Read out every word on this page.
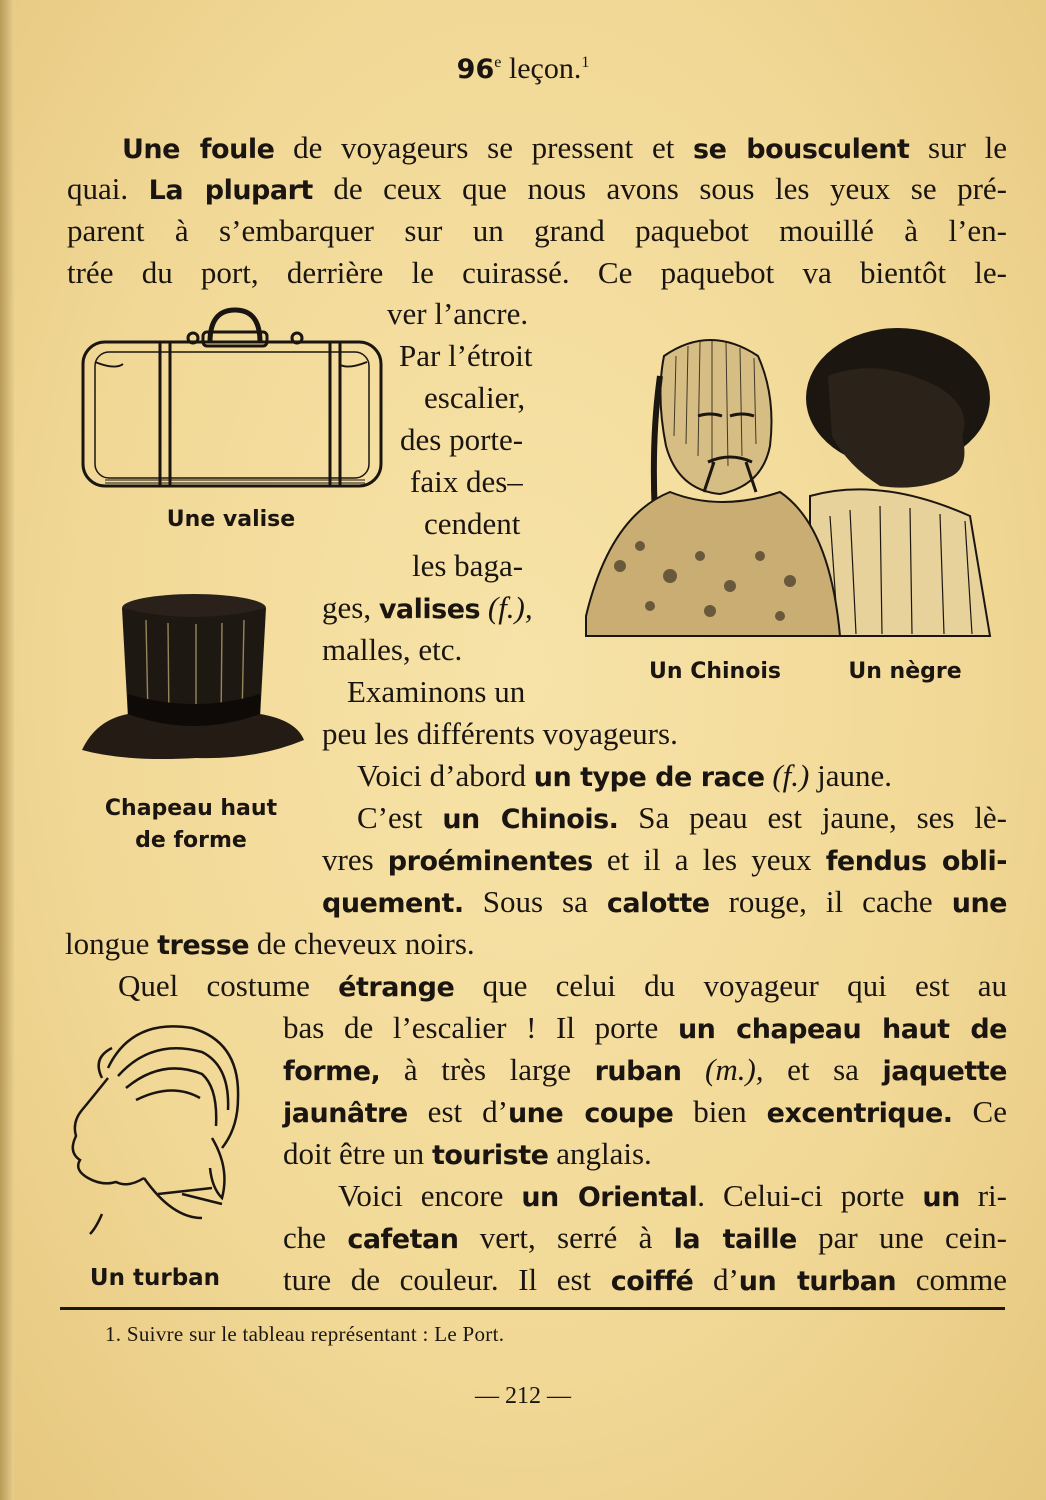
96e leçon.$^1$
Une foule de voyageurs se pressent et se bousculent sur le
quai. La plupart de ceux que nous avons sous les yeux se pré-
parent à s’embarquer sur un grand paquebot mouillé à l’en-
trée du port, derrière le cuirassé. Ce paquebot va bientôt le-
ver l’ancre.
Par l’étroit
escalier,
des porte-
faix des–
cendent
les baga-
ges, valises (f.),
malles, etc.
Examinons un
peu les différents voyageurs.
Voici d’abord un type de race (f.) jaune.
C’est un Chinois. Sa peau est jaune, ses lè-
vres proéminentes et il a les yeux fendus obli-
quement. Sous sa calotte rouge, il cache une
longue tresse de cheveux noirs.
Quel costume étrange que celui du voyageur qui est au
bas de l’escalier ! Il porte un chapeau haut de
forme, à très large ruban (m.), et sa jaquette
jaunâtre est d’une coupe bien excentrique. Ce
doit être un touriste anglais.
Voici encore un Oriental. Celui-ci porte un ri-
che cafetan vert, serré à la taille par une cein-
ture de couleur. Il est coiffé d’un turban comme
Une valise
Chapeau haut
de forme
Un Chinois	Un nègre
Un turban
1. Suivre sur le tableau représentant : Le Port.
— 212 —
